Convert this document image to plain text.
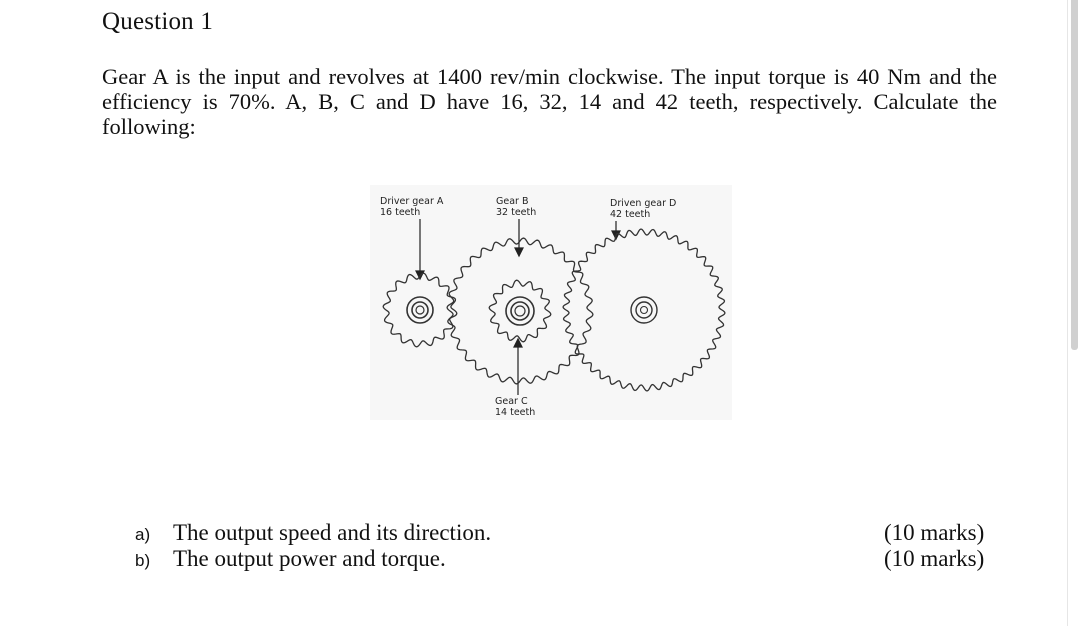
Question 1
Gear A is the input and revolves at 1400 rev/min clockwise. The input torque is 40 Nm and the efficiency is 70%. A, B, C and D have 16, 32, 14 and 42 teeth, respectively. Calculate the following:
Driver gear A
16 teeth
Gear B
32 teeth
Driven gear D
42 teeth
Gear C
14 teeth
a) The output speed and its direction.
b) The output power and torque.
(10 marks)
(10 marks)
